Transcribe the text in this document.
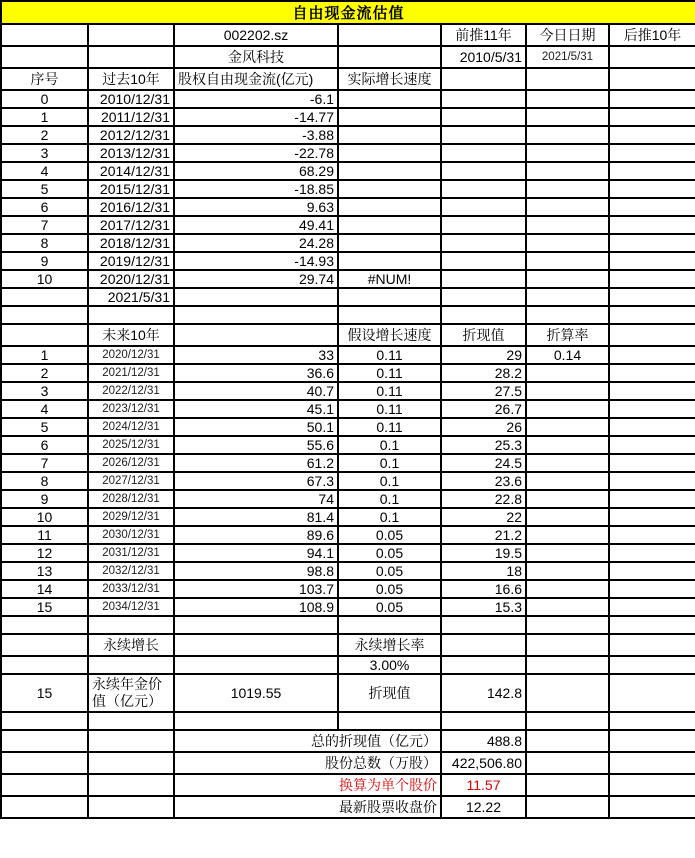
自由现金流估值						
		002202.sz		前推11年	今日日期	后推10年
		金风科技		2010/5/31	2021/5/31	
序号	过去10年	股权自由现金流(亿元)	实际增长速度			
0	2010/12/31	-6.1				
1	2011/12/31	-14.77				
2	2012/12/31	-3.88				
3	2013/12/31	-22.78				
4	2014/12/31	68.29				
5	2015/12/31	-18.85				
6	2016/12/31	9.63				
7	2017/12/31	49.41				
8	2018/12/31	24.28				
9	2019/12/31	-14.93				
10	2020/12/31	29.74	#NUM!			
	2021/5/31					

	未来10年		假设增长速度	折现值	折算率	
1	2020/12/31	33	0.11	29	0.14	
2	2021/12/31	36.6	0.11	28.2		
3	2022/12/31	40.7	0.11	27.5		
4	2023/12/31	45.1	0.11	26.7		
5	2024/12/31	50.1	0.11	26		
6	2025/12/31	55.6	0.1	25.3		
7	2026/12/31	61.2	0.1	24.5		
8	2027/12/31	67.3	0.1	23.6		
9	2028/12/31	74	0.1	22.8		
10	2029/12/31	81.4	0.1	22		
11	2030/12/31	89.6	0.05	21.2		
12	2031/12/31	94.1	0.05	19.5		
13	2032/12/31	98.8	0.05	18		
14	2033/12/31	103.7	0.05	16.6		
15	2034/12/31	108.9	0.05	15.3		

	永续增长		永续增长率			
			3.00%			
15	永续年金价值（亿元）	1019.55	折现值	142.8		

		总的折现值（亿元）		488.8		
		股份总数（万股）		422,506.80		
		换算为单个股价		11.57		
		最新股票收盘价		12.22		
